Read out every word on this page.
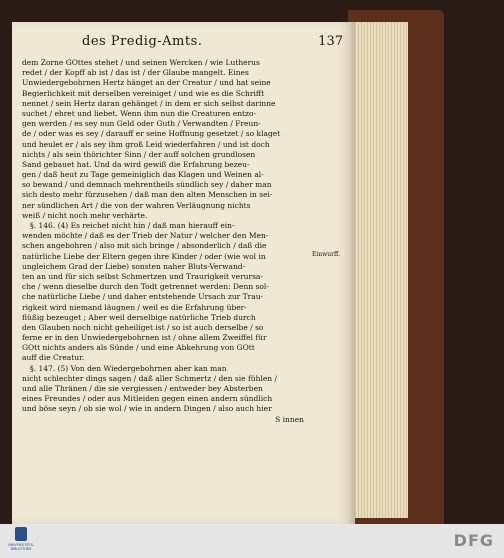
des Predig-Amts.	137
dem Zorne GOttes stehet / und seinen Wercken / wie Lutherus
redet / der Kopff ab ist / das ist / der Glaube mangelt. Eines
Unwiedergebohrnen Hertz hänget an der Creatur / und hat seine
Begierlichkeit mit derselben vereiniget / und wie es die Schrifft
nennet / sein Hertz daran gehänget / in dem er sich selbst darinne
suchet / ehret und liebet. Wenn ihm nun die Creaturen entzo-
gen werden / es sey nun Geld oder Guth / Verwandten / Freun-
de / oder was es sey / darauff er seine Hoffnung gesetzet / so klaget
und heulet er / als sey ihm groß Leid wiederfahren / und ist doch
nichts / als sein thörichter Sinn / der auff solchen grundlosen
Sand gebauet hat. Und da wird gewiß die Erfahrung bezeu-
gen / daß heut zu Tage gemeiniglich das Klagen und Weinen al-
so bewand / und demnach mehrentheils sündlich sey / daher man
sich desto mehr fürzusehen / daß man den alten Menschen in sei-
ner sündlichen Art / die von der wahren Verläugnung nichts
weiß / nicht noch mehr verhärte.
§. 146. (4) Es reichet nicht hin / daß man hierauff ein-
wenden möchte / daß es der Trieb der Natur / welcher den Men-
schen angebohren / also mit sich bringe / absonderlich / daß die
natürliche Liebe der Eltern gegen ihre Kinder / oder (wie wol in
ungleichem Grad der Liebe) sonsten naher Bluts-Verwand-
ten an und für sich selbst Schmertzen und Traurigkeit verursa-
che / wenn dieselbe durch den Todt getrennet werden: Denn sol-
che natürliche Liebe / und daher entstehende Ursach zur Trau-
rigkeit wird niemand läugnen / weil es die Erfahrung über-
flüßig bezeuget ; Aber weil derselbige natürliche Trieb durch
den Glauben noch nicht geheiliget ist / so ist auch derselbe / so
ferne er in den Unwiedergebohrnen ist / ohne allem Zweiffel für
GOtt nichts anders als Sünde / und eine Abkehrung von GOtt
auff die Creatur.
§. 147. (5) Von den Wiedergebohrnen aber kan man
nicht schlechter dings sagen / daß aller Schmertz / den sie fühlen /
und alle Thränen / die sie vergiessen / entweder bey Absterben
eines Freundes / oder aus Mitleiden gegen einen andern sündlich
und böse seyn / ob sie wol / wie in andern Dingen / also auch hier
S innen
Einwurff.
UNIVERSITÄTS- BIBLIOTHEK	DFG
